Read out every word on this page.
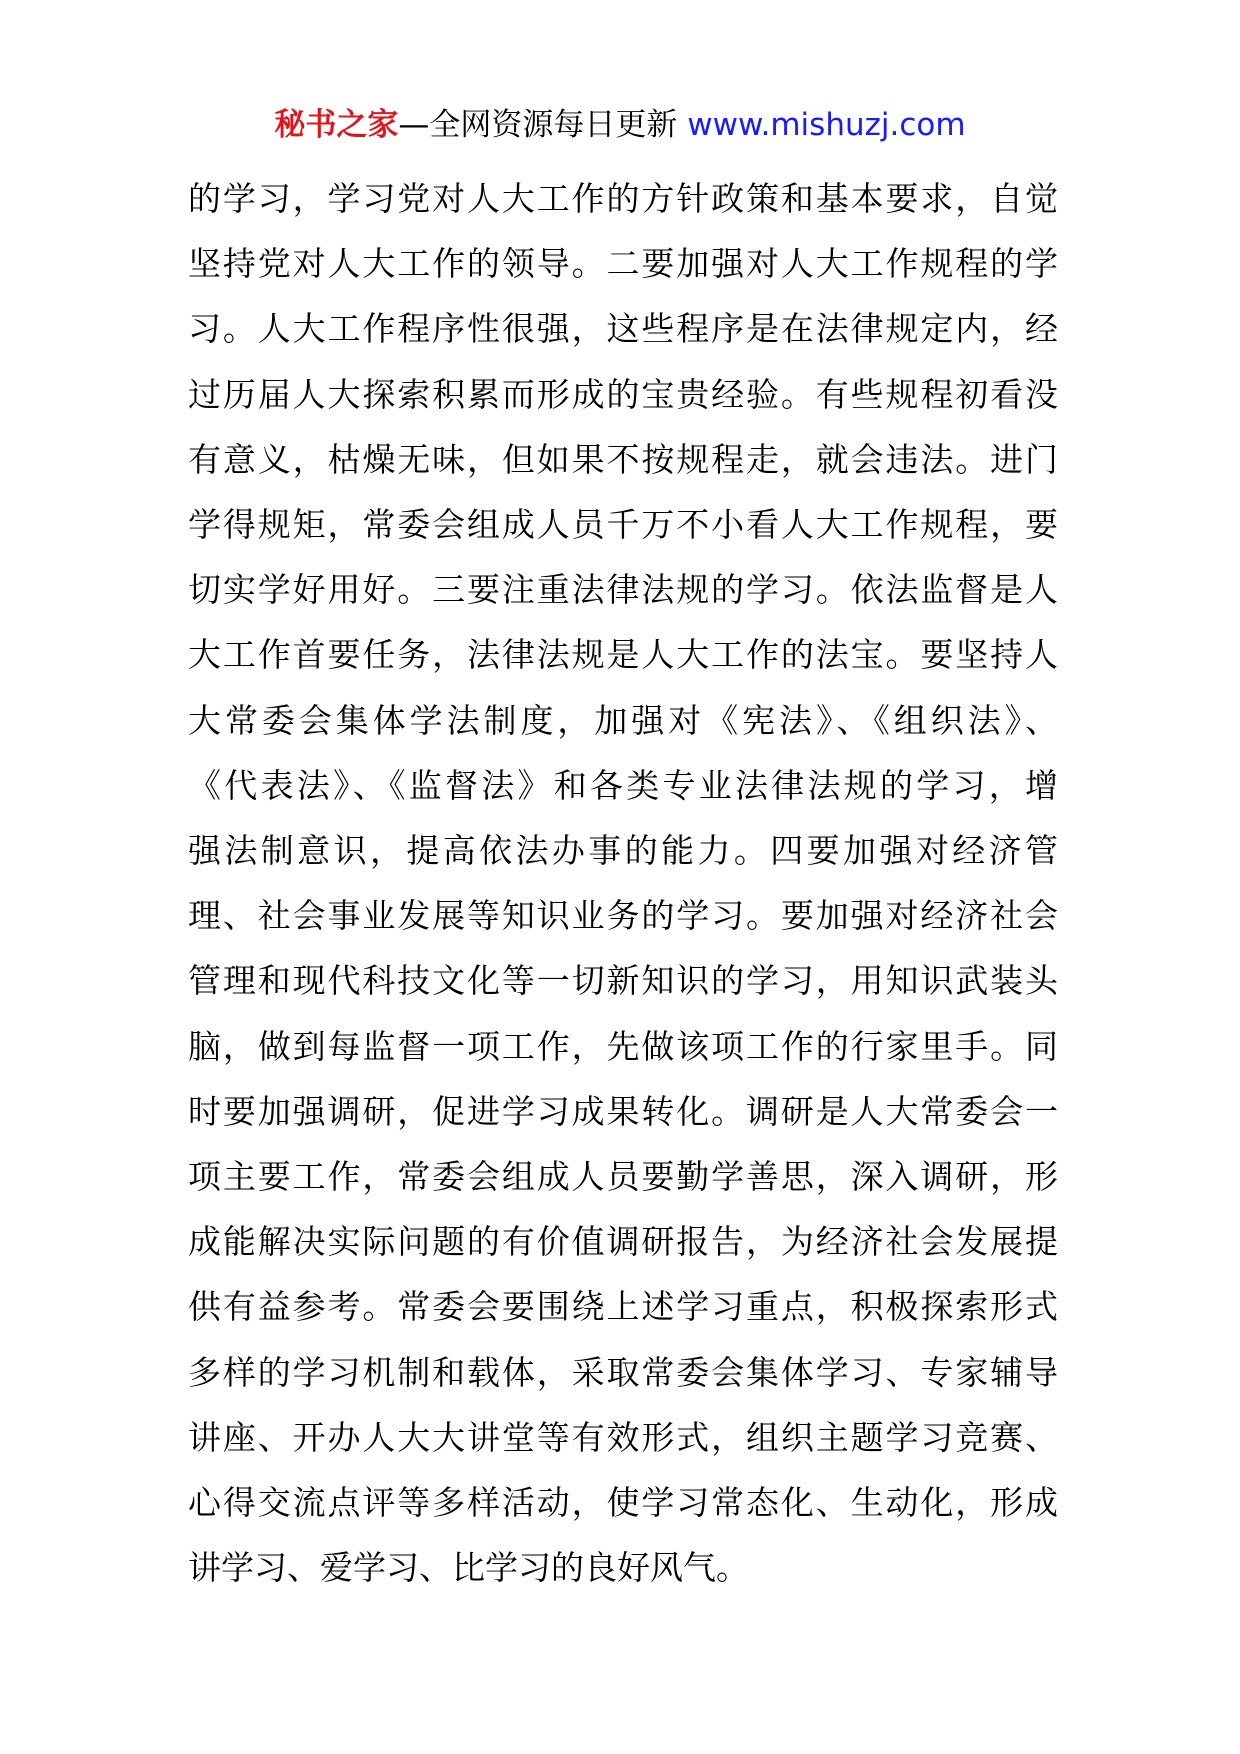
秘书之家—全网资源每日更新 www.mishuzj.com
的学习，学习党对人大工作的方针政策和基本要求，自觉
坚持党对人大工作的领导。二要加强对人大工作规程的学
习。人大工作程序性很强，这些程序是在法律规定内，经
过历届人大探索积累而形成的宝贵经验。有些规程初看没
有意义，枯燥无味，但如果不按规程走，就会违法。进门
学得规矩，常委会组成人员千万不小看人大工作规程，要
切实学好用好。三要注重法律法规的学习。依法监督是人
大工作首要任务，法律法规是人大工作的法宝。要坚持人
大常委会集体学法制度，加强对《宪法》、《组织法》、
《代表法》、《监督法》和各类专业法律法规的学习，增
强法制意识，提高依法办事的能力。四要加强对经济管
理、社会事业发展等知识业务的学习。要加强对经济社会
管理和现代科技文化等一切新知识的学习，用知识武装头
脑，做到每监督一项工作，先做该项工作的行家里手。同
时要加强调研，促进学习成果转化。调研是人大常委会一
项主要工作，常委会组成人员要勤学善思，深入调研，形
成能解决实际问题的有价值调研报告，为经济社会发展提
供有益参考。常委会要围绕上述学习重点，积极探索形式
多样的学习机制和载体，采取常委会集体学习、专家辅导
讲座、开办人大大讲堂等有效形式，组织主题学习竞赛、
心得交流点评等多样活动，使学习常态化、生动化，形成
讲学习、爱学习、比学习的良好风气。
